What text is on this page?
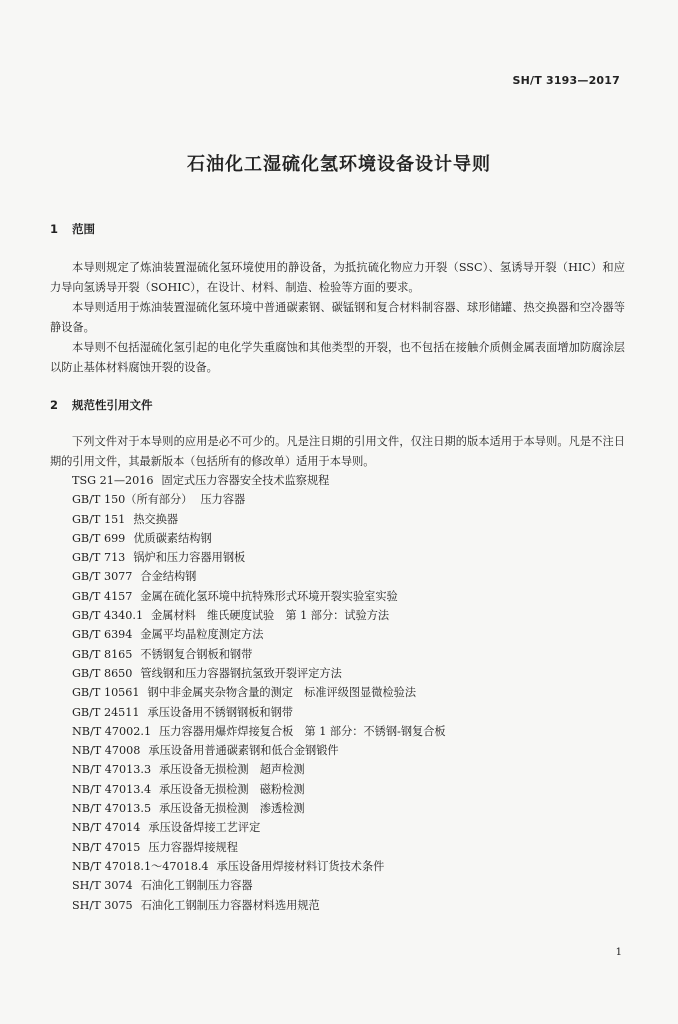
SH/T 3193—2017
石油化工湿硫化氢环境设备设计导则
1 范围
本导则规定了炼油装置湿硫化氢环境使用的静设备，为抵抗硫化物应力开裂（SSC）、氢诱导开裂（HIC）和应力导向氢诱导开裂（SOHIC），在设计、材料、制造、检验等方面的要求。
本导则适用于炼油装置湿硫化氢环境中普通碳素钢、碳锰钢和复合材料制容器、球形储罐、热交换器和空冷器等静设备。
本导则不包括湿硫化氢引起的电化学失重腐蚀和其他类型的开裂，也不包括在接触介质侧金属表面增加防腐涂层以防止基体材料腐蚀开裂的设备。
2 规范性引用文件
下列文件对于本导则的应用是必不可少的。凡是注日期的引用文件，仅注日期的版本适用于本导则。凡是不注日期的引用文件，其最新版本（包括所有的修改单）适用于本导则。
TSG 21—2016 固定式压力容器安全技术监察规程
GB/T 150（所有部分） 压力容器
GB/T 151 热交换器
GB/T 699 优质碳素结构钢
GB/T 713 锅炉和压力容器用钢板
GB/T 3077 合金结构钢
GB/T 4157 金属在硫化氢环境中抗特殊形式环境开裂实验室实验
GB/T 4340.1 金属材料　维氏硬度试验　第 1 部分：试验方法
GB/T 6394 金属平均晶粒度测定方法
GB/T 8165 不锈钢复合钢板和钢带
GB/T 8650 管线钢和压力容器钢抗氢致开裂评定方法
GB/T 10561 钢中非金属夹杂物含量的测定　标准评级图显微检验法
GB/T 24511 承压设备用不锈钢钢板和钢带
NB/T 47002.1 压力容器用爆炸焊接复合板　第 1 部分：不锈钢-钢复合板
NB/T 47008 承压设备用普通碳素钢和低合金钢锻件
NB/T 47013.3 承压设备无损检测　超声检测
NB/T 47013.4 承压设备无损检测　磁粉检测
NB/T 47013.5 承压设备无损检测　渗透检测
NB/T 47014 承压设备焊接工艺评定
NB/T 47015 压力容器焊接规程
NB/T 47018.1～47018.4 承压设备用焊接材料订货技术条件
SH/T 3074 石油化工钢制压力容器
SH/T 3075 石油化工钢制压力容器材料选用规范
1
